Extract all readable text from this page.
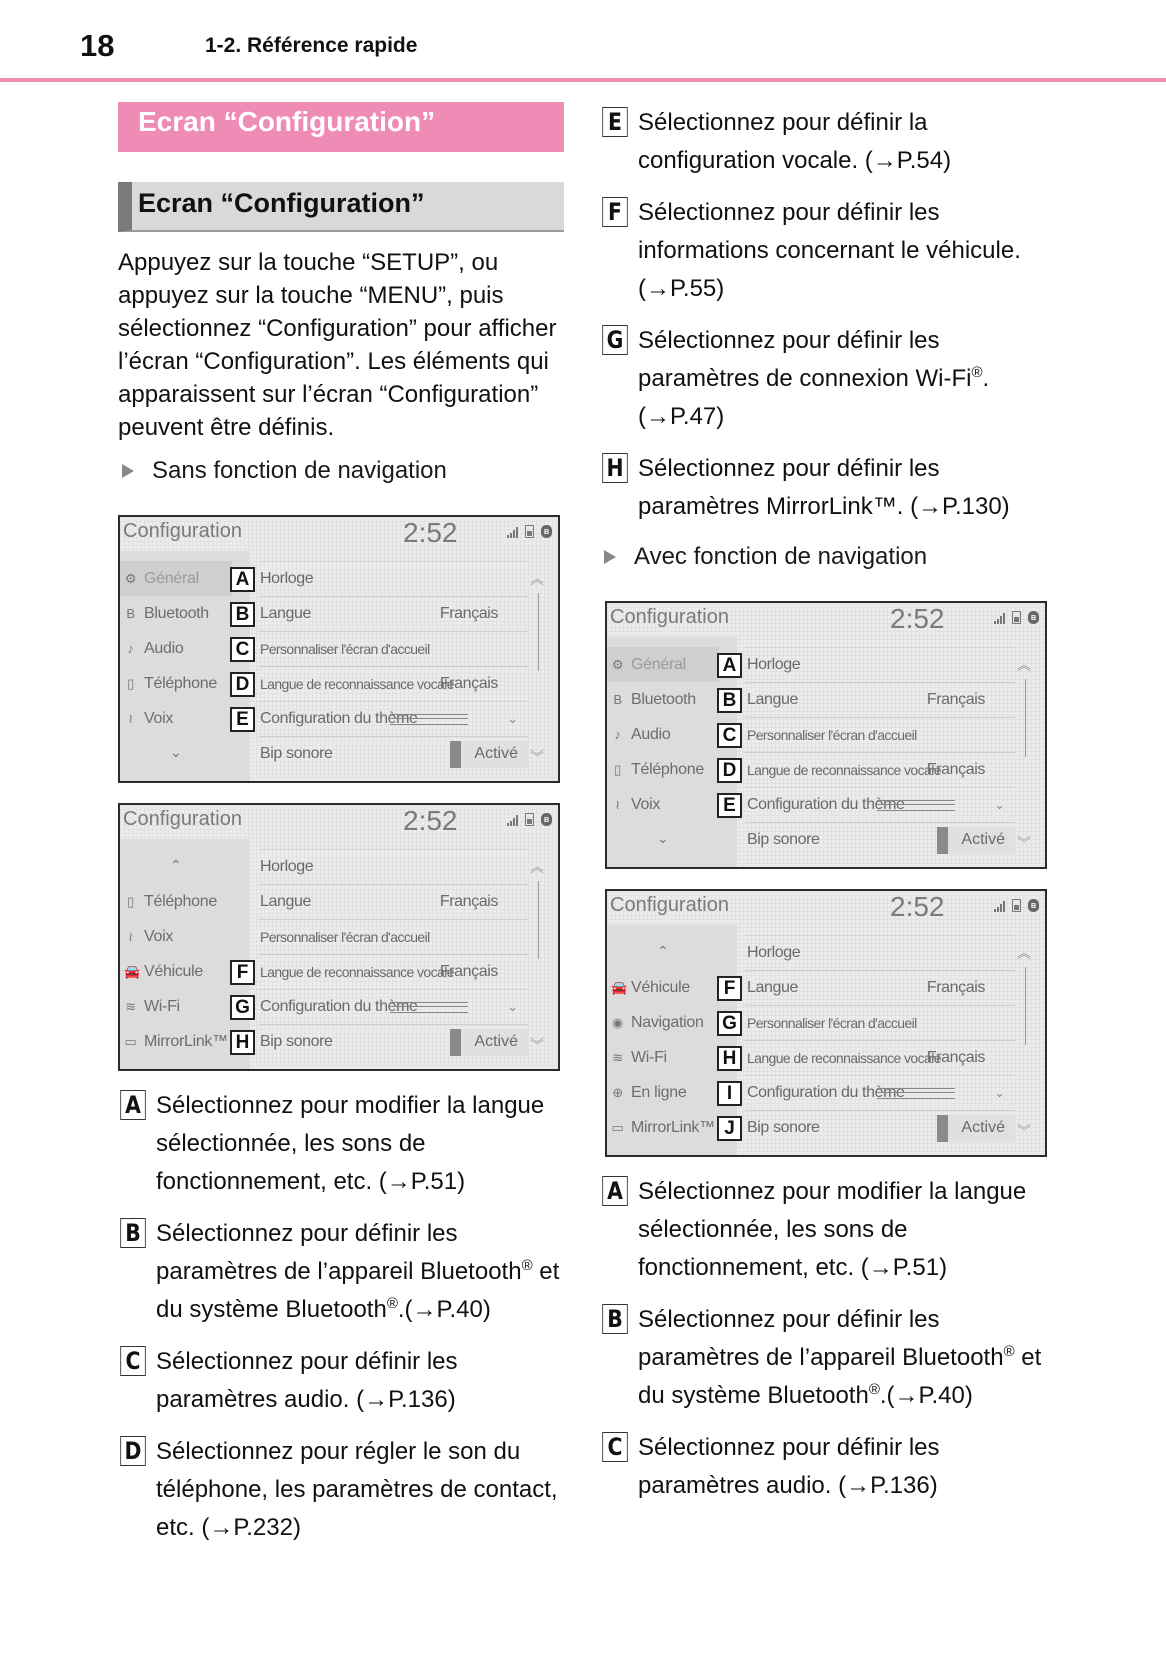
18	1-2. Référence rapide
Ecran “Configuration”
Ecran “Configuration”

Appuyez sur la touche “SETUP”, ou appuyez sur la touche “MENU”, puis sélectionnez “Configuration” pour afficher l’écran “Configuration”. Les éléments qui apparaissent sur l’écran “Configuration” peuvent être définis.

Sans fonction de navigation
Configuration	2:52	ʙ
⚙ Général
B Bluetooth
♪ Audio
▯ Téléphone
≀ Voix
⌄
A Horloge
B Langue	Français
C Personnaliser l'écran d'accueil
D Langue de reconnaissance vocale
Français
E Configuration du thème	⌄
Bip sonore	Activé
︽
︾
Configuration	2:52	ʙ
⌃
▯ Téléphone
≀ Voix
🚘 Véhicule
≋ Wi-Fi
▭ MirrorLink™
Horloge
Langue	Français
Personnaliser l'écran d'accueil
F Langue de reconnaissance vocale
Français
G Configuration du thème	⌄
H Bip sonore	Activé
︽
︾
A Sélectionnez pour modifier la langue sélectionnée, les sons de fonctionnement, etc. (→P.51)
B Sélectionnez pour définir les paramètres de l’appareil Bluetooth® et du système Bluetooth®.(→P.40)
C Sélectionnez pour définir les paramètres audio. (→P.136)
D Sélectionnez pour régler le son du téléphone, les paramètres de contact, etc. (→P.232)
E Sélectionnez pour définir la configuration vocale. (→P.54)
F Sélectionnez pour définir les informations concernant le véhicule. (→P.55)
G Sélectionnez pour définir les paramètres de connexion Wi-Fi®. (→P.47)
H Sélectionnez pour définir les paramètres MirrorLink™. (→P.130)
Avec fonction de navigation
Configuration	2:52	ʙ
⚙ Général
B Bluetooth
♪ Audio
▯ Téléphone
≀ Voix
⌄
A Horloge
B Langue	Français
C Personnaliser l'écran d'accueil
D Langue de reconnaissance vocale
Français
E Configuration du thème	⌄
Bip sonore	Activé
︽
︾
Configuration	2:52	ʙ
⌃
🚘 Véhicule
◉ Navigation
≋ Wi-Fi
⊕ En ligne
▭ MirrorLink™
Horloge
F Langue	Français
G Personnaliser l'écran d'accueil
H Langue de reconnaissance vocale
Français
I Configuration du thème	⌄
J Bip sonore	Activé
︽
︾
A Sélectionnez pour modifier la langue sélectionnée, les sons de fonctionnement, etc. (→P.51)
B Sélectionnez pour définir les paramètres de l’appareil Bluetooth® et du système Bluetooth®.(→P.40)
C Sélectionnez pour définir les paramètres audio. (→P.136)
